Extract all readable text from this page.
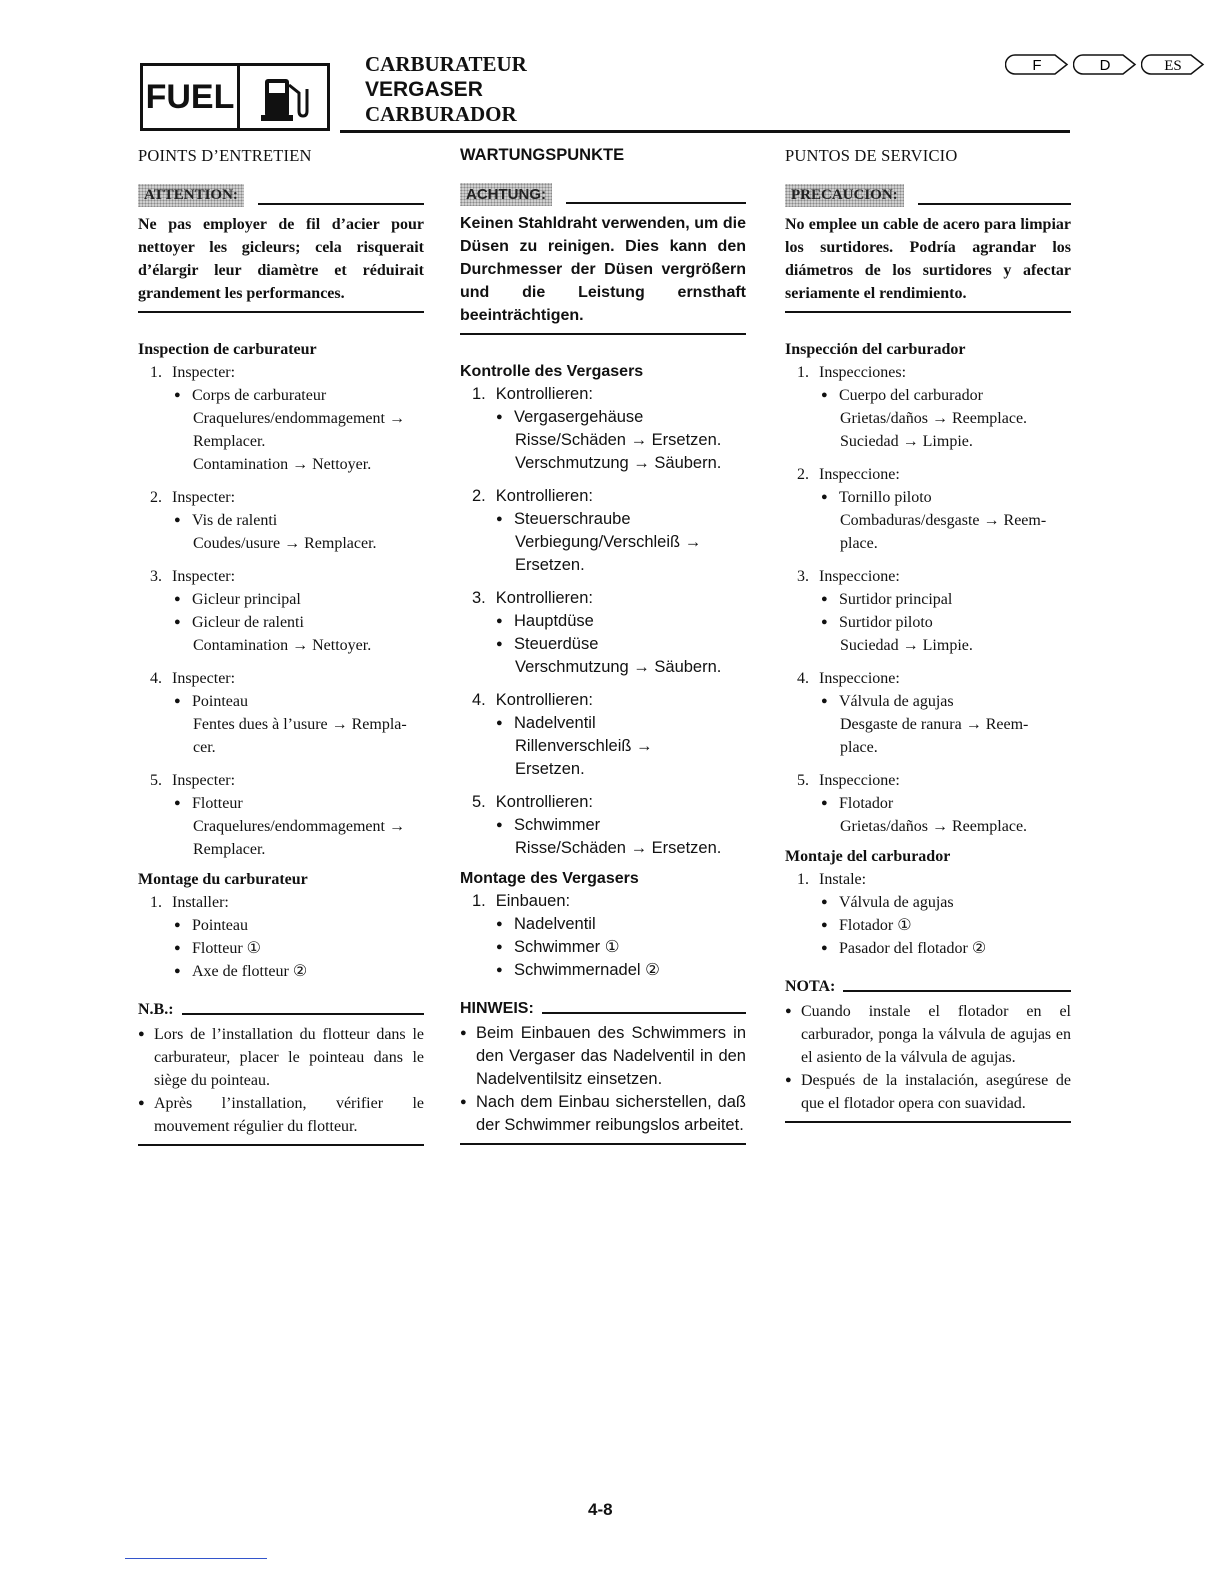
FUEL
CARBURATEUR
VERGASER
CARBURADOR
F
	D
	ES
POINTS D’ENTRETIEN
ATTENTION:
Ne pas employer de fil d’acier pour nettoyer les gicleurs; cela risquerait d’élargir leur diamètre et réduirait grandement les performances.
Inspection de carburateur
1. Inspecter:
● Corps de carburateur
Craquelures/endommagement →
Remplacer.
Contamination → Nettoyer.
2. Inspecter:
● Vis de ralenti
Coudes/usure → Remplacer.
3. Inspecter:
● Gicleur principal
● Gicleur de ralenti
Contamination → Nettoyer.
4. Inspecter:
● Pointeau
Fentes dues à l’usure → Rempla-
cer.
5. Inspecter:
● Flotteur
Craquelures/endommagement →
Remplacer.
Montage du carburateur
1. Installer:
● Pointeau
● Flotteur ①
● Axe de flotteur ②
N.B.:
● Lors de l’installation du flotteur dans le carburateur, placer le pointeau dans le siège du pointeau.
● Après l’installation, vérifier le mouvement régulier du flotteur.
WARTUNGSPUNKTE
ACHTUNG:
Keinen Stahldraht verwenden, um die Düsen zu reinigen. Dies kann den Durchmesser der Düsen vergrößern und die Leistung ernsthaft beeinträchtigen.
Kontrolle des Vergasers
1. Kontrollieren:
● Vergasergehäuse
Risse/Schäden → Ersetzen.
Verschmutzung → Säubern.
2. Kontrollieren:
● Steuerschraube
Verbiegung/Verschleiß →
Ersetzen.
3. Kontrollieren:
● Hauptdüse
● Steuerdüse
Verschmutzung → Säubern.
4. Kontrollieren:
● Nadelventil
Rillenverschleiß →
Ersetzen.
5. Kontrollieren:
● Schwimmer
Risse/Schäden → Ersetzen.
Montage des Vergasers
1. Einbauen:
● Nadelventil
● Schwimmer ①
● Schwimmernadel ②
HINWEIS:
● Beim Einbauen des Schwimmers in den Vergaser das Nadelventil in den Nadelventilsitz einsetzen.
● Nach dem Einbau sicherstellen, daß der Schwimmer reibungslos arbeitet.
PUNTOS DE SERVICIO
PRECAUCION:
No emplee un cable de acero para limpiar los surtidores. Podría agrandar los diámetros de los surtidores y afectar seriamente el rendimiento.
Inspección del carburador
1. Inspecciones:
● Cuerpo del carburador
Grietas/daños → Reemplace.
Suciedad → Limpie.
2. Inspeccione:
● Tornillo piloto
Combaduras/desgaste → Reem-
place.
3. Inspeccione:
● Surtidor principal
● Surtidor piloto
Suciedad → Limpie.
4. Inspeccione:
● Válvula de agujas
Desgaste de ranura → Reem-
place.
5. Inspeccione:
● Flotador
Grietas/daños → Reemplace.
Montaje del carburador
1. Instale:
● Válvula de agujas
● Flotador ①
● Pasador del flotador ②
NOTA:
● Cuando instale el flotador en el carburador, ponga la válvula de agujas en el asiento de la válvula de agujas.
● Después de la instalación, asegúrese de que el flotador opera con suavidad.
4-8
